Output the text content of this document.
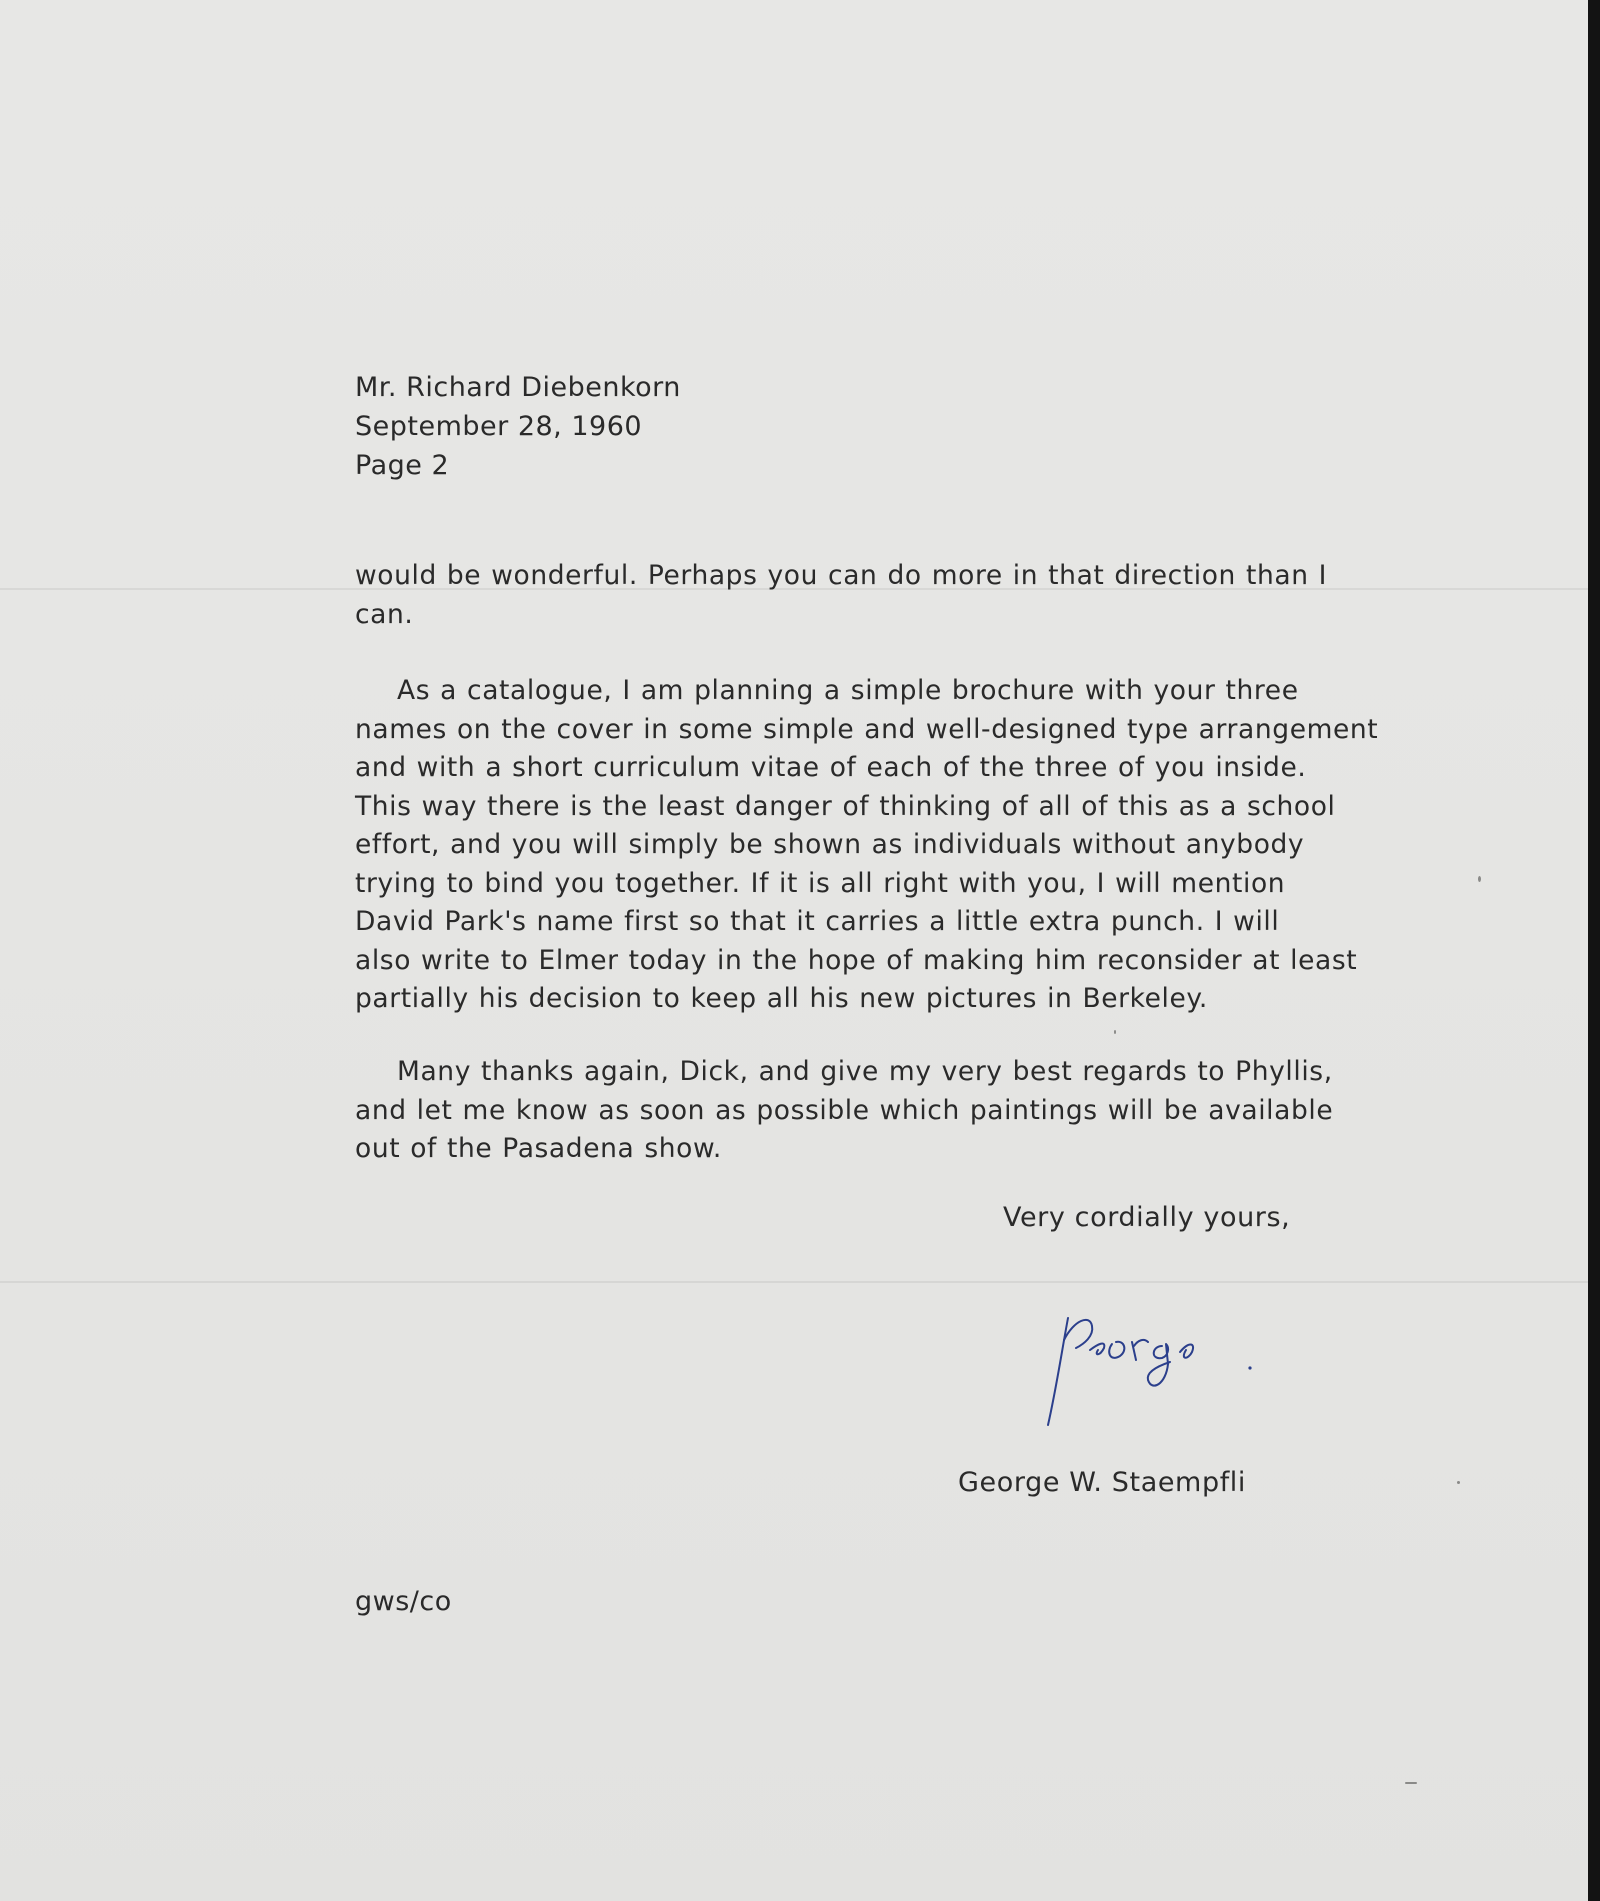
Mr. Richard Diebenkorn
September 28, 1960
Page 2
would be wonderful. Perhaps you can do more in that direction than I
can.
As a catalogue, I am planning a simple brochure with your three
names on the cover in some simple and well-designed type arrangement
and with a short curriculum vitae of each of the three of you inside.
This way there is the least danger of thinking of all of this as a school
effort, and you will simply be shown as individuals without anybody
trying to bind you together. If it is all right with you, I will mention
David Park's name first so that it carries a little extra punch. I will
also write to Elmer today in the hope of making him reconsider at least
partially his decision to keep all his new pictures in Berkeley.
Many thanks again, Dick, and give my very best regards to Phyllis,
and let me know as soon as possible which paintings will be available
out of the Pasadena show.
Very cordially yours,
George W. Staempfli
gws/co
